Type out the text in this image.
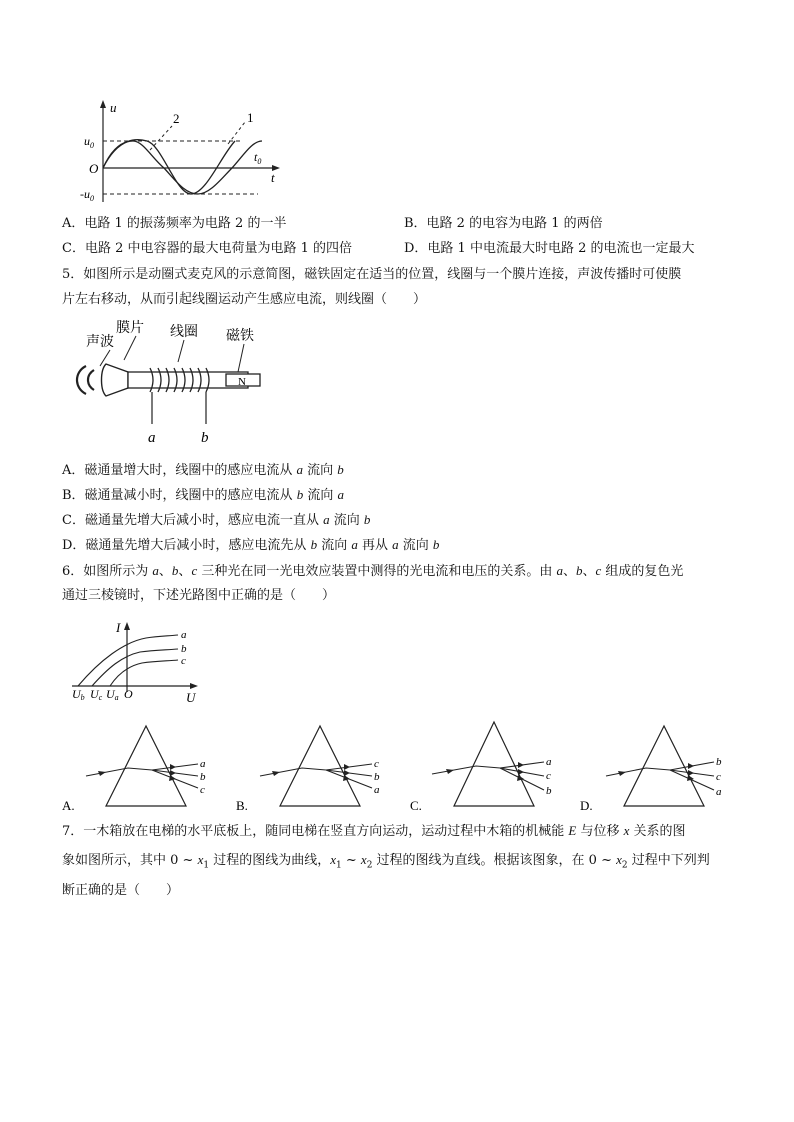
2	1
u
t
O
$u_0$
$-u_0$
$t_0$
A．电路 1 的振荡频率为电路 2 的一半	B．电路 2 的电容为电路 1 的两倍
C．电路 2 中电容器的最大电荷量为电路 1 的四倍	D．电路 1 中电流最大时电路 2 的电流也一定最大
5．如图所示是动圈式麦克风的示意简图，磁铁固定在适当的位置，线圈与一个膜片连接，声波传播时可使膜
片左右移动，从而引起线圈运动产生感应电流，则线圈（　　）
声波
膜片 线圈 磁铁
N
a	b
A．磁通量增大时，线圈中的感应电流从 a 流向 b
B．磁通量减小时，线圈中的感应电流从 b 流向 a
C．磁通量先增大后减小时，感应电流一直从 a 流向 b
D．磁通量先增大后减小时，感应电流先从 b 流向 a 再从 a 流向 b
6．如图所示为 a、b、c 三种光在同一光电效应装置中测得的光电流和电压的关系。由 a、b、c 组成的复色光
通过三棱镜时，下述光路图中正确的是（　　）
I
U
O
a
b
c
Ub Uc Ua
A.
a
b
c
B.
c
b
a
C.
a
c
b
D.
b
c
a
7．一木箱放在电梯的水平底板上，随同电梯在竖直方向运动，运动过程中木箱的机械能 E 与位移 x 关系的图
象如图所示，其中 0 ~ $x_1$ 过程的图线为曲线，$x_1$ ~ $x_2$ 过程的图线为直线。根据该图象，在 0 ~ $x_2$ 过程中下列判
断正确的是（　　）
